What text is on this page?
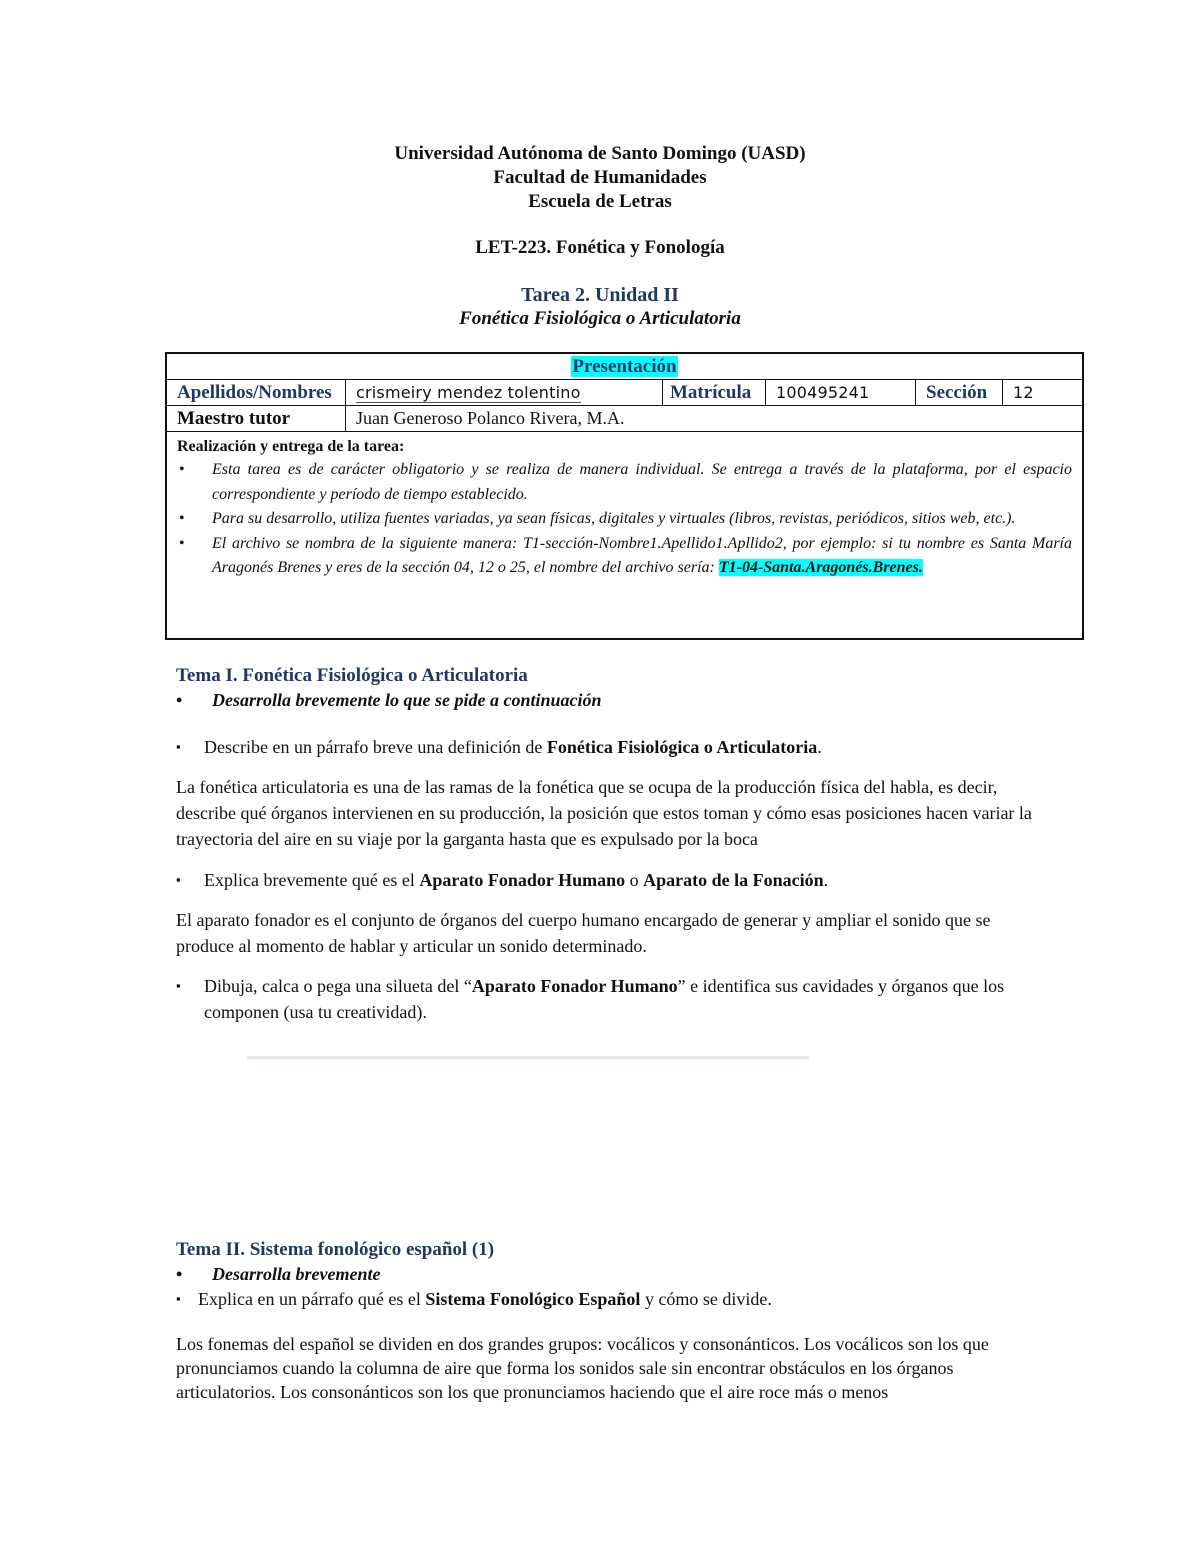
Universidad Autónoma de Santo Domingo (UASD)
Facultad de Humanidades
Escuela de Letras
LET-223. Fonética y Fonología
Tarea 2. Unidad II
Fonética Fisiológica o Articulatoria
Presentación
Apellidos/Nombres	crismeiry mendez tolentino	Matrícula	100495241	Sección	12
Maestro tutor	Juan Generoso Polanco Rivera, M.A.
Realización y entrega de la tarea:
• Esta tarea es de carácter obligatorio y se realiza de manera individual. Se entrega a través de la plataforma, por el espacio correspondiente y período de tiempo establecido.
• Para su desarrollo, utiliza fuentes variadas, ya sean físicas, digitales y virtuales (libros, revistas, periódicos, sitios web, etc.).
• El archivo se nombra de la siguiente manera: T1-sección-Nombre1.Apellido1.Apllido2, por ejemplo: si tu nombre es Santa María Aragonés Brenes y eres de la sección 04, 12 o 25, el nombre del archivo sería: T1-04-Santa.Aragonés.Brenes.
Tema I. Fonética Fisiológica o Articulatoria
• Desarrolla brevemente lo que se pide a continuación
▪ Describe en un párrafo breve una definición de Fonética Fisiológica o Articulatoria.
La fonética articulatoria es una de las ramas de la fonética que se ocupa de la producción física del habla, es decir, describe qué órganos intervienen en su producción, la posición que estos toman y cómo esas posiciones hacen variar la trayectoria del aire en su viaje por la garganta hasta que es expulsado por la boca
▪ Explica brevemente qué es el Aparato Fonador Humano o Aparato de la Fonación.
El aparato fonador es el conjunto de órganos del cuerpo humano encargado de generar y ampliar el sonido que se produce al momento de hablar y articular un sonido determinado.
▪ Dibuja, calca o pega una silueta del “Aparato Fonador Humano” e identifica sus cavidades y órganos que los componen (usa tu creatividad).
Tema II. Sistema fonológico español (1)
• Desarrolla brevemente
▪ Explica en un párrafo qué es el Sistema Fonológico Español y cómo se divide.
Los fonemas del español se dividen en dos grandes grupos: vocálicos y consonánticos. Los vocálicos son los que pronunciamos cuando la columna de aire que forma los sonidos sale sin encontrar obstáculos en los órganos articulatorios. Los consonánticos son los que pronunciamos haciendo que el aire roce más o menos
